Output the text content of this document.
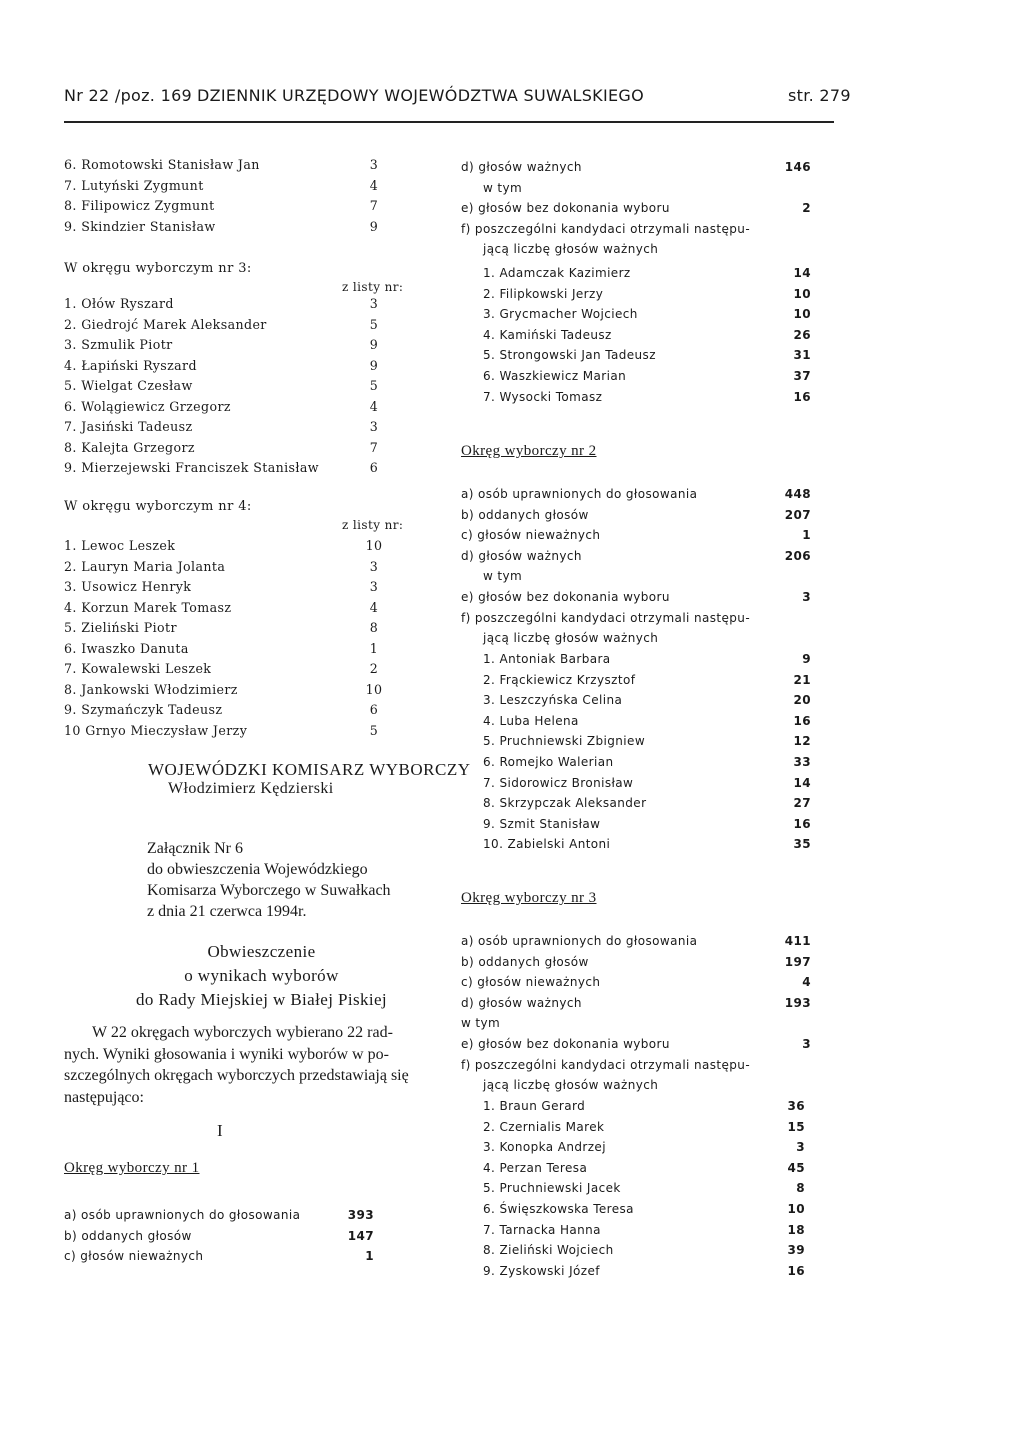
Nr 22 /poz. 169 DZIENNIK URZĘDOWY WOJEWÓDZTWA SUWALSKIEGO	str. 279
6. Romotowski Stanisław Jan	3
7. Lutyński Zygmunt	4
8. Filipowicz Zygmunt	7
9. Skindzier Stanisław	9
W okręgu wyborczym nr 3:
z listy nr:
1. Ołów Ryszard	3
2. Giedrojć Marek Aleksander	5
3. Szmulik Piotr	9
4. Łapiński Ryszard	9
5. Wielgat Czesław	5
6. Wolągiewicz Grzegorz	4
7. Jasiński Tadeusz	3
8. Kalejta Grzegorz	7
9. Mierzejewski Franciszek Stanisław	6
W okręgu wyborczym nr 4:
z listy nr:
1. Lewoc Leszek	10
2. Lauryn Maria Jolanta	3
3. Usowicz Henryk	3
4. Korzun Marek Tomasz	4
5. Zieliński Piotr	8
6. Iwaszko Danuta	1
7. Kowalewski Leszek	2
8. Jankowski Włodzimierz	10
9. Szymańczyk Tadeusz	6
10 Grnyo Mieczysław Jerzy	5
WOJEWÓDZKI KOMISARZ WYBORCZY
Włodzimierz Kędzierski
Załącznik Nr 6
do obwieszczenia Wojewódzkiego
Komisarza Wyborczego w Suwałkach
z dnia 21 czerwca 1994r.
Obwieszczenie
o wynikach wyborów
do Rady Miejskiej w Białej Piskiej
W 22 okręgach wyborczych wybierano 22 rad-
nych. Wyniki głosowania i wyniki wyborów w po-
szczególnych okręgach wyborczych przedstawiają się
następująco:
I
Okręg wyborczy nr 1
a) osób uprawnionych do głosowania	393
b) oddanych głosów	147
c) głosów nieważnych	1
d) głosów ważnych	146
w tym
e) głosów bez dokonania wyboru	2
f) poszczególni kandydaci otrzymali następu-
jącą liczbę głosów ważnych
1. Adamczak Kazimierz	14
2. Filipkowski Jerzy	10
3. Grycmacher Wojciech	10
4. Kamiński Tadeusz	26
5. Strongowski Jan Tadeusz	31
6. Waszkiewicz Marian	37
7. Wysocki Tomasz	16
Okręg wyborczy nr 2
a) osób uprawnionych do głosowania	448
b) oddanych głosów	207
c) głosów nieważnych	1
d) głosów ważnych	206
w tym
e) głosów bez dokonania wyboru	3
f) poszczególni kandydaci otrzymali następu-
jącą liczbę głosów ważnych
1. Antoniak Barbara	9
2. Frąckiewicz Krzysztof	21
3. Leszczyńska Celina	20
4. Luba Helena	16
5. Pruchniewski Zbigniew	12
6. Romejko Walerian	33
7. Sidorowicz Bronisław	14
8. Skrzypczak Aleksander	27
9. Szmit Stanisław	16
10. Zabielski Antoni	35
Okręg wyborczy nr 3
a) osób uprawnionych do głosowania	411
b) oddanych głosów	197
c) głosów nieważnych	4
d) głosów ważnych	193
w tym
e) głosów bez dokonania wyboru	3
f) poszczególni kandydaci otrzymali następu-
jącą liczbę głosów ważnych
1. Braun Gerard	36
2. Czernialis Marek	15
3. Konopka Andrzej	3
4. Perzan Teresa	45
5. Pruchniewski Jacek	8
6. Święszkowska Teresa	10
7. Tarnacka Hanna	18
8. Zieliński Wojciech	39
9. Zyskowski Józef	16
